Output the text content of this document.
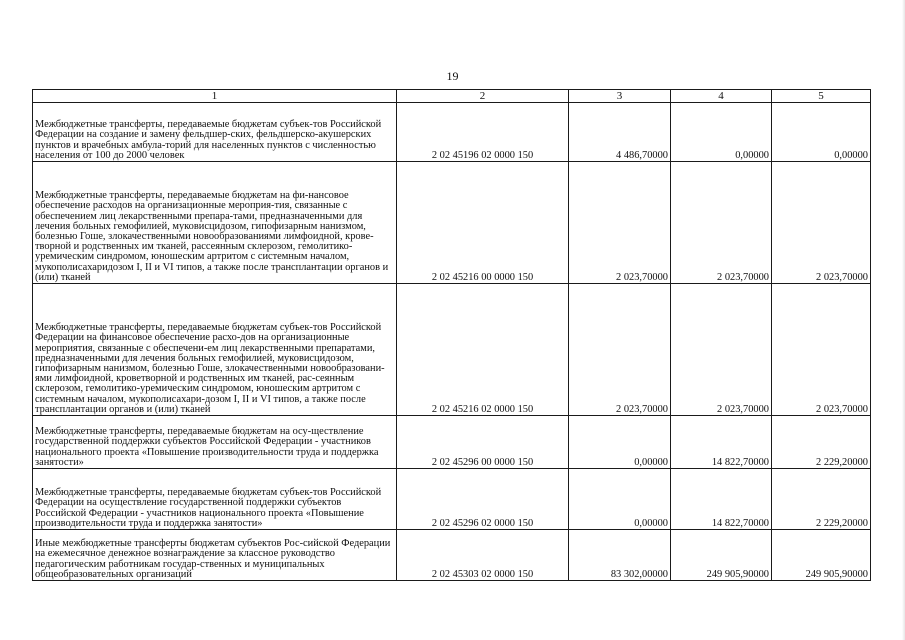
19
1	2	3	4	5
Межбюджетные трансферты, передаваемые бюджетам субъек-тов Российской Федерации на создание и замену фельдшер-ских, фельдшерско-акушерских пунктов и врачебных амбула-торий для населенных пунктов с численностью населения от 100 до 2000 человек	2 02 45196 02 0000 150	4 486,70000	0,00000	0,00000
Межбюджетные трансферты, передаваемые бюджетам на фи-нансовое обеспечение расходов на организационные мероприя-тия, связанные с обеспечением лиц лекарственными препара-тами, предназначенными для лечения больных гемофилией, муковисцидозом, гипофизарным нанизмом, болезнью Гоше, злокачественными новообразованиями лимфоидной, крове-творной и родственных им тканей, рассеянным склерозом, гемолитико-уремическим синдромом, юношеским артритом с системным началом, мукополисахаридозом I, II и VI типов, а также после трансплантации органов и (или) тканей	2 02 45216 00 0000 150	2 023,70000	2 023,70000	2 023,70000
Межбюджетные трансферты, передаваемые бюджетам субъек-тов Российской Федерации на финансовое обеспечение расхо-дов на организационные мероприятия, связанные с обеспечени-ем лиц лекарственными препаратами, предназначенными для лечения больных гемофилией, муковисцидозом, гипофизарным нанизмом, болезнью Гоше, злокачественными новообразовани-ями лимфоидной, кроветворной и родственных им тканей, рас-сеянным склерозом, гемолитико-уремическим синдромом, юношеским артритом с системным началом, мукополисахари-дозом I, II и VI типов, а также после трансплантации органов и (или) тканей	2 02 45216 02 0000 150	2 023,70000	2 023,70000	2 023,70000
Межбюджетные трансферты, передаваемые бюджетам на осу-ществление государственной поддержки субъектов Российской Федерации - участников национального проекта «Повышение производительности труда и поддержка занятости»	2 02 45296 00 0000 150	0,00000	14 822,70000	2 229,20000
Межбюджетные трансферты, передаваемые бюджетам субъек-тов Российской Федерации на осуществление государственной поддержки субъектов Российской Федерации - участников национального проекта «Повышение производительности труда и поддержка занятости»	2 02 45296 02 0000 150	0,00000	14 822,70000	2 229,20000
Иные межбюджетные трансферты бюджетам субъектов Рос-сийской Федерации на ежемесячное денежное вознаграждение за классное руководство педагогическим работникам государ-ственных и муниципальных общеобразовательных организаций	2 02 45303 02 0000 150	83 302,00000	249 905,90000	249 905,90000
